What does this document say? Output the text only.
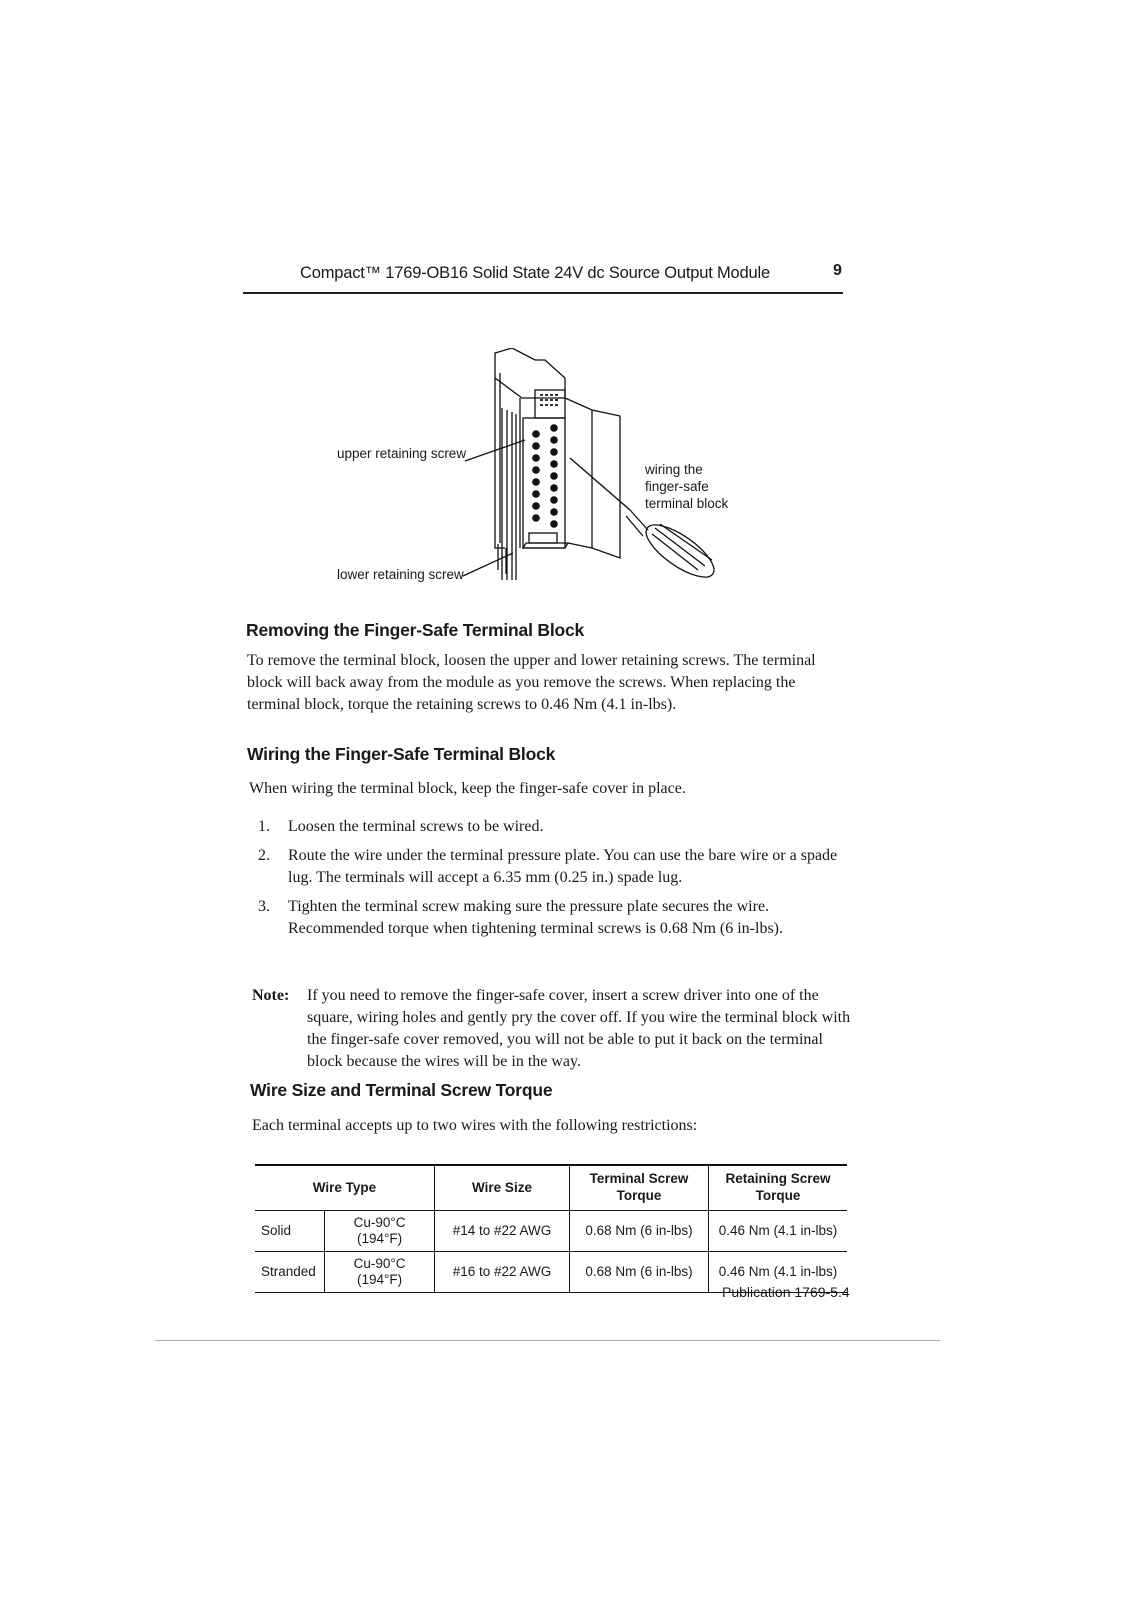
Compact™ 1769-OB16 Solid State 24V dc Source Output Module	9
upper retaining screw
lower retaining screw
wiring the
finger-safe
terminal block
Removing the Finger-Safe Terminal Block

To remove the terminal block, loosen the upper and lower retaining screws. The terminal block will back away from the module as you remove the screws. When replacing the terminal block, torque the retaining screws to 0.46 Nm (4.1 in-lbs).

Wiring the Finger-Safe Terminal Block

When wiring the terminal block, keep the finger-safe cover in place.

1. Loosen the terminal screws to be wired.
2. Route the wire under the terminal pressure plate. You can use the bare wire or a spade lug. The terminals will accept a 6.35 mm (0.25 in.) spade lug.
3. Tighten the terminal screw making sure the pressure plate secures the wire. Recommended torque when tightening terminal screws is 0.68 Nm (6 in-lbs).
Note: If you need to remove the finger-safe cover, insert a screw driver into one of the square, wiring holes and gently pry the cover off. If you wire the terminal block with the finger-safe cover removed, you will not be able to put it back on the terminal block because the wires will be in the way.
Wire Size and Terminal Screw Torque

Each terminal accepts up to two wires with the following restrictions:

Wire Type		Wire Size	Terminal Screw Torque	Retaining Screw Torque
Solid	Cu-90°C (194°F)	#14 to #22 AWG	0.68 Nm (6 in-lbs)	0.46 Nm (4.1 in-lbs)
Stranded	Cu-90°C (194°F)	#16 to #22 AWG	0.68 Nm (6 in-lbs)	0.46 Nm (4.1 in-lbs)
Publication 1769-5.4
